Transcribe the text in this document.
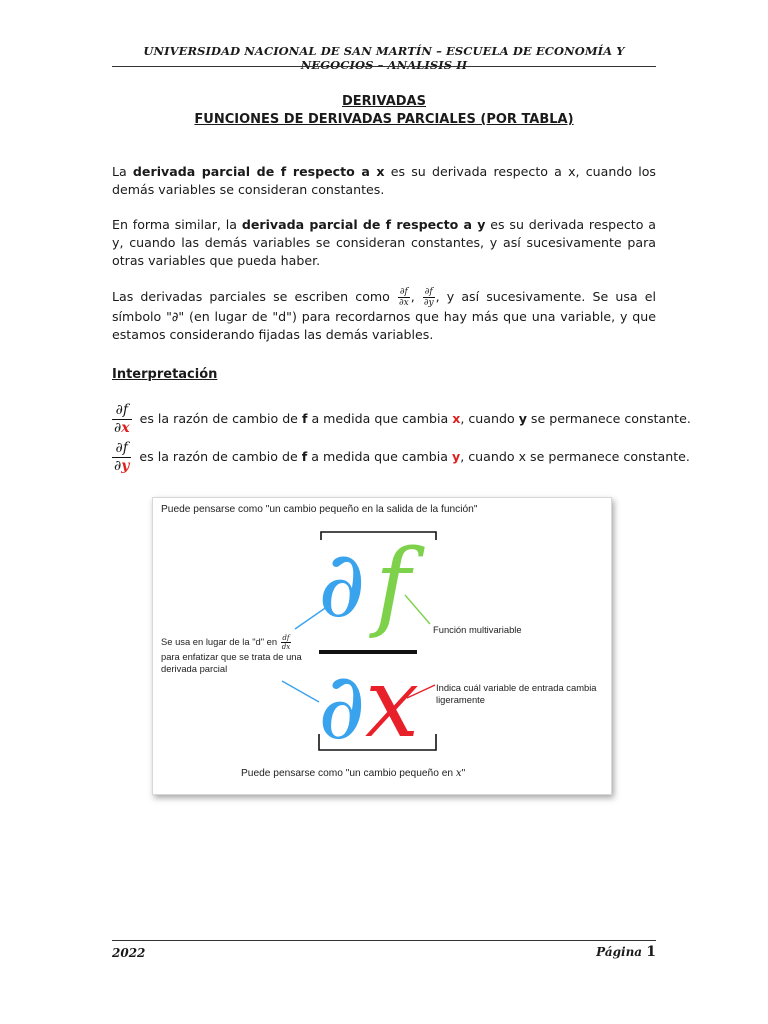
UNIVERSIDAD NACIONAL DE SAN MARTÍN – ESCUELA DE ECONOMÍA Y NEGOCIOS – ANALISIS II
DERIVADAS
FUNCIONES DE DERIVADAS PARCIALES (POR TABLA)
La derivada parcial de f respecto a x es su derivada respecto a x, cuando los demás variables se consideran constantes.
En forma similar, la derivada parcial de f respecto a y es su derivada respecto a y, cuando las demás variables se consideran constantes, y así sucesivamente para otras variables que pueda haber.
Las derivadas parciales se escriben como $\frac{\partial f}{\partial x}$ , $\frac{\partial f}{\partial y}$ , y así sucesivamente. Se usa el símbolo "∂" (en lugar de "d") para recordarnos que hay más que una variable, y que estamos considerando fijadas las demás variables.
Interpretación
$\frac{\partial f}{\partial x}$ es la razón de cambio de f a medida que cambia x, cuando y se permanece constante.
$\frac{\partial f}{\partial y}$ es la razón de cambio de f a medida que cambia y, cuando x se permanece constante.
Puede pensarse como "un cambio pequeño en la salida de la función"
∂ f
∂ x
Se usa en lugar de la "d" en $\frac{df}{dx}$

para enfatizar que se trata de una derivada parcial
Función multivariable
Indica cuál variable de entrada cambia ligeramente
Puede pensarse como "un cambio pequeño en x"
2022	Página 1
